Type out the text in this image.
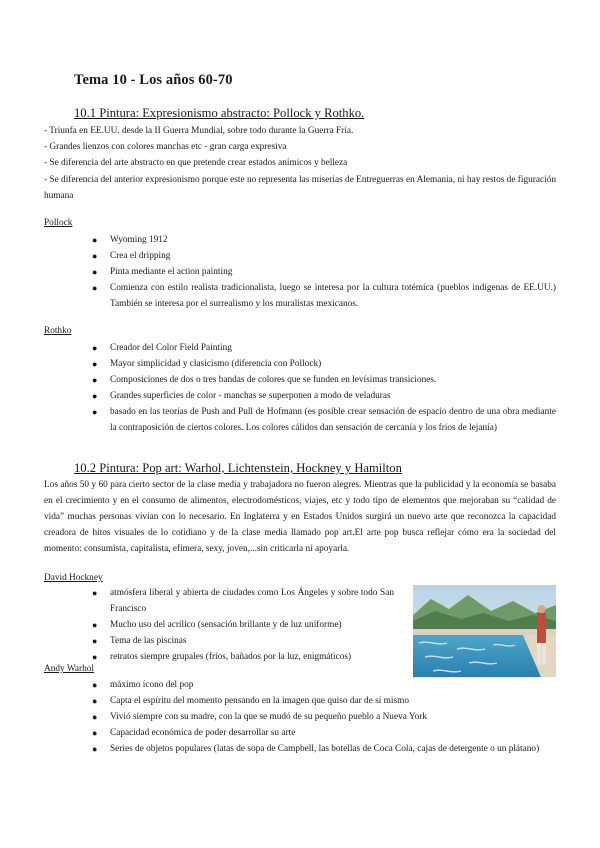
Tema 10 - Los años 60-70
10.1 Pintura: Expresionismo abstracto: Pollock y Rothko.
- Triunfa en EE.UU. desde la II Guerra Mundial, sobre todo durante la Guerra Fría.
- Grandes lienzos con colores manchas etc - gran carga expresiva
- Se diferencia del arte abstracto en que pretende crear estados anímicos y belleza

- Se diferencia del anterior expresionismo porque este no representa las miserias de Entreguerras en Alemania, ni hay restos de figuración humana

Pollock
● Wyoming 1912
● Crea el dripping
● Pinta mediante el action painting
● Comienza con estilo realista tradicionalista, luego se interesa por la cultura totémica (pueblos indígenas de EE.UU.) También se interesa por el surrealismo y los muralistas mexicanos.
Rothko
● Creador del Color Field Painting
● Mayor simplicidad y clasicismo (diferencia con Pollock)
● Composiciones de dos o tres bandas de colores que se funden en levísimas transiciones.
● Grandes superficies de color - manchas se superponen a modo de veladuras
● basado en las teorías de Push and Pull de Hofmann (es posible crear sensación de espacio dentro de una obra mediante la contraposición de ciertos colores. Los colores cálidos dan sensación de cercanía y los fríos de lejanía)
10.2 Pintura: Pop art: Warhol, Lichtenstein, Hockney y Hamilton

Los años 50 y 60 para cierto sector de la clase media y trabajadora no fueron alegres. Mientras que la publicidad y la economía se basaba en el crecimiento y en el consumo de alimentos, electrodomésticos, viajes, etc y todo tipo de elementos que mejoraban su “calidad de vida” muchas personas vivían con lo necesario. En Inglaterra y en Estados Unidos surgirá un nuevo arte que reconozca la capacidad creadora de hitos visuales de lo cotidiano y de la clase media llamado pop art.El arte pop busca reflejar cómo era la sociedad del momento: consumista, capitalista, efímera, sexy, joven,...sin criticarla ni apoyarla.

David Hockney
● atmósfera liberal y abierta de ciudades como Los Ángeles y sobre todo San Francisco
● Mucho uso del acrílico (sensación brillante y de luz uniforme)
● Tema de las piscinas
● retratos siempre grupales (fríos, bañados por la luz, enigmáticos)
Andy Warhol
● máximo ícono del pop
● Capta el espíritu del momento pensando en la imagen que quiso dar de sí mismo
● Vivió siempre con su madre, con la que se mudó de su pequeño pueblo a Nueva York
● Capacidad económica de poder desarrollar su arte
● Series de objetos populares (latas de sopa de Campbell, las botellas de Coca Cola, cajas de detergente o un plátano)
